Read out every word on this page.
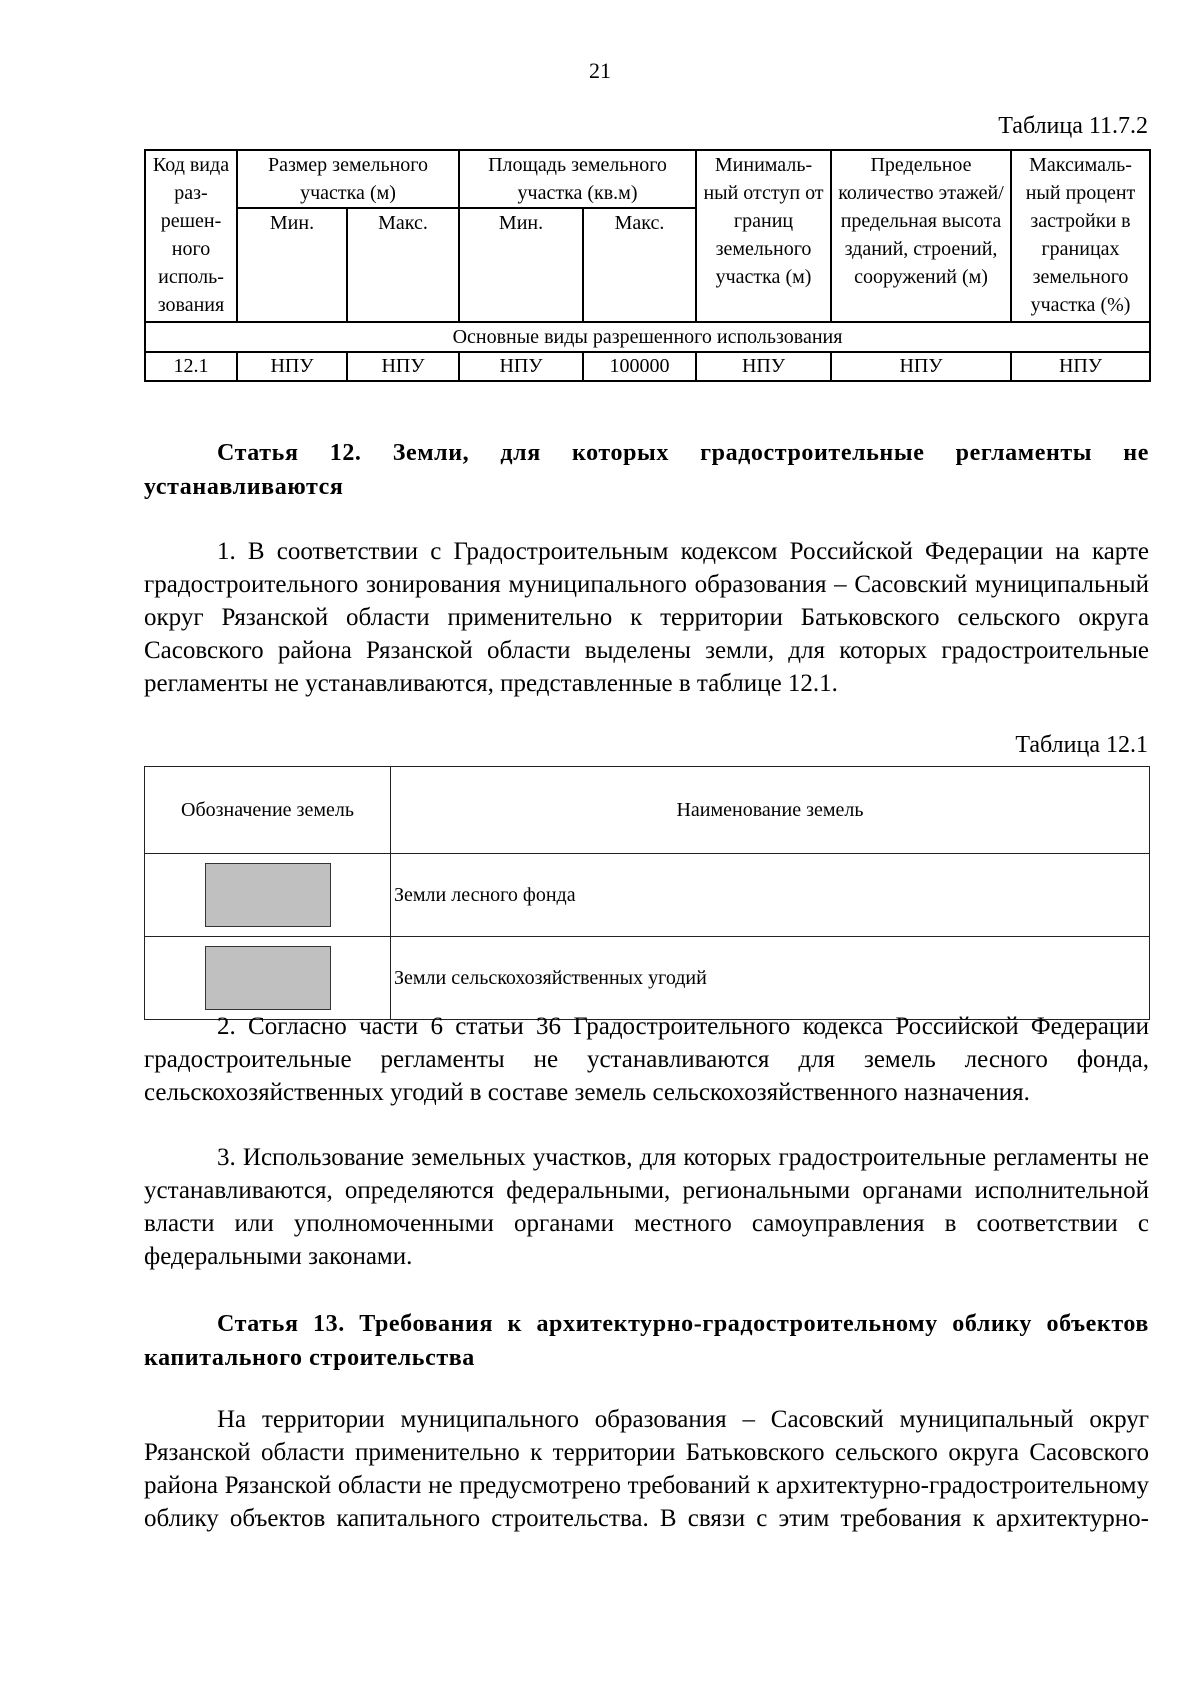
21
Таблица 11.7.2
Код вида раз- решен- ного исполь- зования	Размер земельного участка (м)		Площадь земельного участка (кв.м)		Минималь- ный отступ от границ земельного участка (м)	Предельное количество этажей/ предельная высота зданий, строений, сооружений (м)	Максималь- ный процент застройки в границах земельного участка (%)
	Мин.	Макс.	Мин.	Макс.			
Основные виды разрешенного использования							
12.1	НПУ	НПУ	НПУ	100000	НПУ	НПУ	НПУ
Статья 12. Земли, для которых градостроительные регламенты не устанавливаются

1. В соответствии с Градостроительным кодексом Российской Федерации на карте градостроительного зонирования муниципального образования – Сасовский муниципальный округ Рязанской области применительно к территории Батьковского сельского округа Сасовского района Рязанской области выделены земли, для которых градостроительные регламенты не устанавливаются, представленные в таблице 12.1.

Таблица 12.1
Обозначение земель	Наименование земель

	Земли лесного фонда

	Земли сельскохозяйственных угодий

2. Согласно части 6 статьи 36 Градостроительного кодекса Российской Федерации градостроительные регламенты не устанавливаются для земель лесного фонда, сельскохозяйственных угодий в составе земель сельскохозяйственного назначения.

3. Использование земельных участков, для которых градостроительные регламенты не устанавливаются, определяются федеральными, региональными органами исполнительной власти или уполномоченными органами местного самоуправления в соответствии с федеральными законами.

Статья 13. Требования к архитектурно-градостроительному облику объектов капитального строительства

На территории муниципального образования – Сасовский муниципальный округ Рязанской области применительно к территории Батьковского сельского округа Сасовского района Рязанской области не предусмотрено требований к архитектурно-градостроительному облику объектов капитального строительства. В связи с этим требования к архитектурно-
